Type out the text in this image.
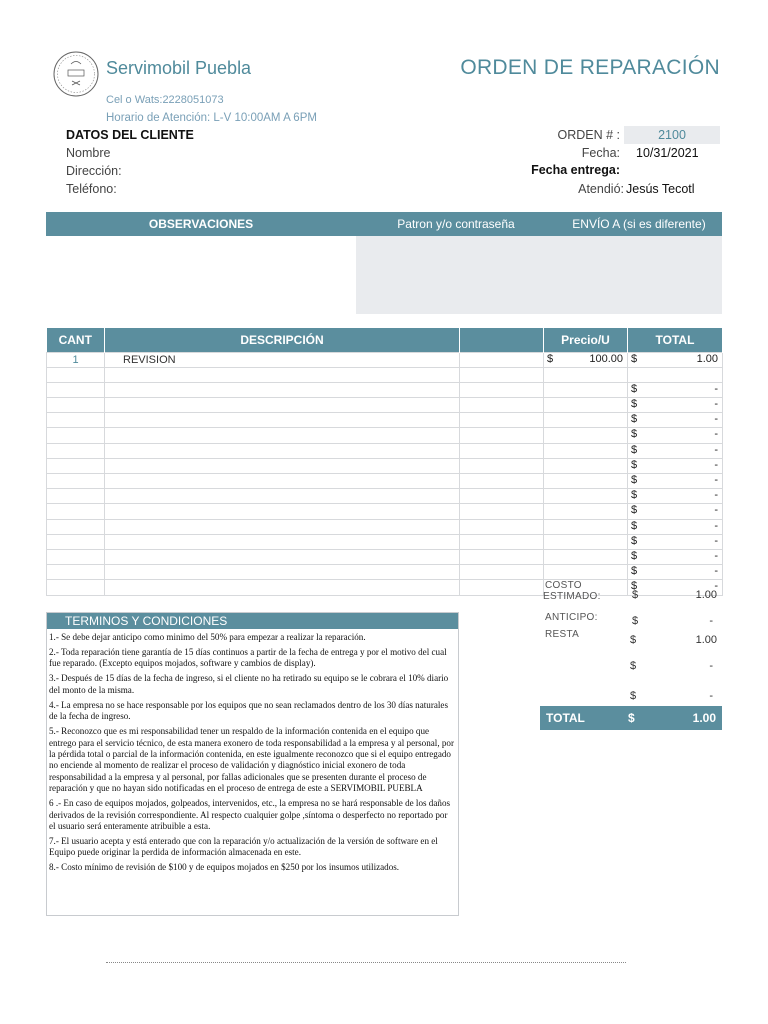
Servimobil Puebla	ORDEN DE REPARACIÓN
Cel o Wats:2228051073
Horario de Atención: L-V 10:00AM A 6PM
DATOS DEL CLIENTE
Nombre
Dirección:
Teléfono:
ORDEN # :	2100
Fecha: 10/31/2021
Fecha entrega:
Atendió: Jesús Tecotl
OBSERVACIONES	Patron y/o contraseña	ENVÍO A (si es diferente)
CANT	DESCRIPCIÓN		Precio/U	TOTAL
1	REVISION		$ 100.00	$ 1.00

				$ -

				$ -

				$ -

				$ -

				$ -

				$ -

				$ -

				$ -

				$ -

				$ -

				$ -

				$ -

				$ -

				$ -
COSTO
ESTIMADO:	$	1.00
ANTICIPO:	$	-
RESTA	$	1.00
$	-
$	-
TOTAL	$	1.00
TERMINOS Y CONDICIONES

1.- Se debe dejar anticipo como minimo del 50% para empezar a realizar la reparación.

2.- Toda reparación tiene garantía de 15 días continuos a partir de la fecha de entrega y por el motivo del cual fue reparado. (Excepto equipos mojados, software y cambios de display).

3.- Después de 15 días de la fecha de ingreso, si el cliente no ha retirado su equipo se le cobrara el 10% diario del monto de la misma.

4.- La empresa no se hace responsable por los equipos que no sean reclamados dentro de los 30 días naturales de la fecha de ingreso.

5.- Reconozco que es mi responsabilidad tener un respaldo de la información contenida en el equipo que entrego para el servicio técnico, de esta manera exonero de toda responsabilidad a la empresa y al personal, por la pérdida total o parcial de la información contenida, en este igualmente reconozco que si el equipo entregado no enciende al momento de realizar el proceso de validación y diagnóstico inicial exonero de toda responsabilidad a la empresa y al personal, por fallas adicionales que se presenten durante el proceso de reparación y que no hayan sido notificadas en el proceso de entrega de este a SERVIMOBIL PUEBLA

6 .- En caso de equipos mojados, golpeados, intervenidos, etc., la empresa no se hará responsable de los daños derivados de la revisión correspondiente. Al respecto cualquier golpe ,síntoma o desperfecto no reportado por el usuario será enteramente atribuible a esta.

7.- El usuario acepta y está enterado que con la reparación y/o actualización de la versión de software en el Equipo puede originar la perdida de información almacenada en este.

8.- Costo mínimo de revisión de $100 y de equipos mojados en $250 por los insumos utilizados.
